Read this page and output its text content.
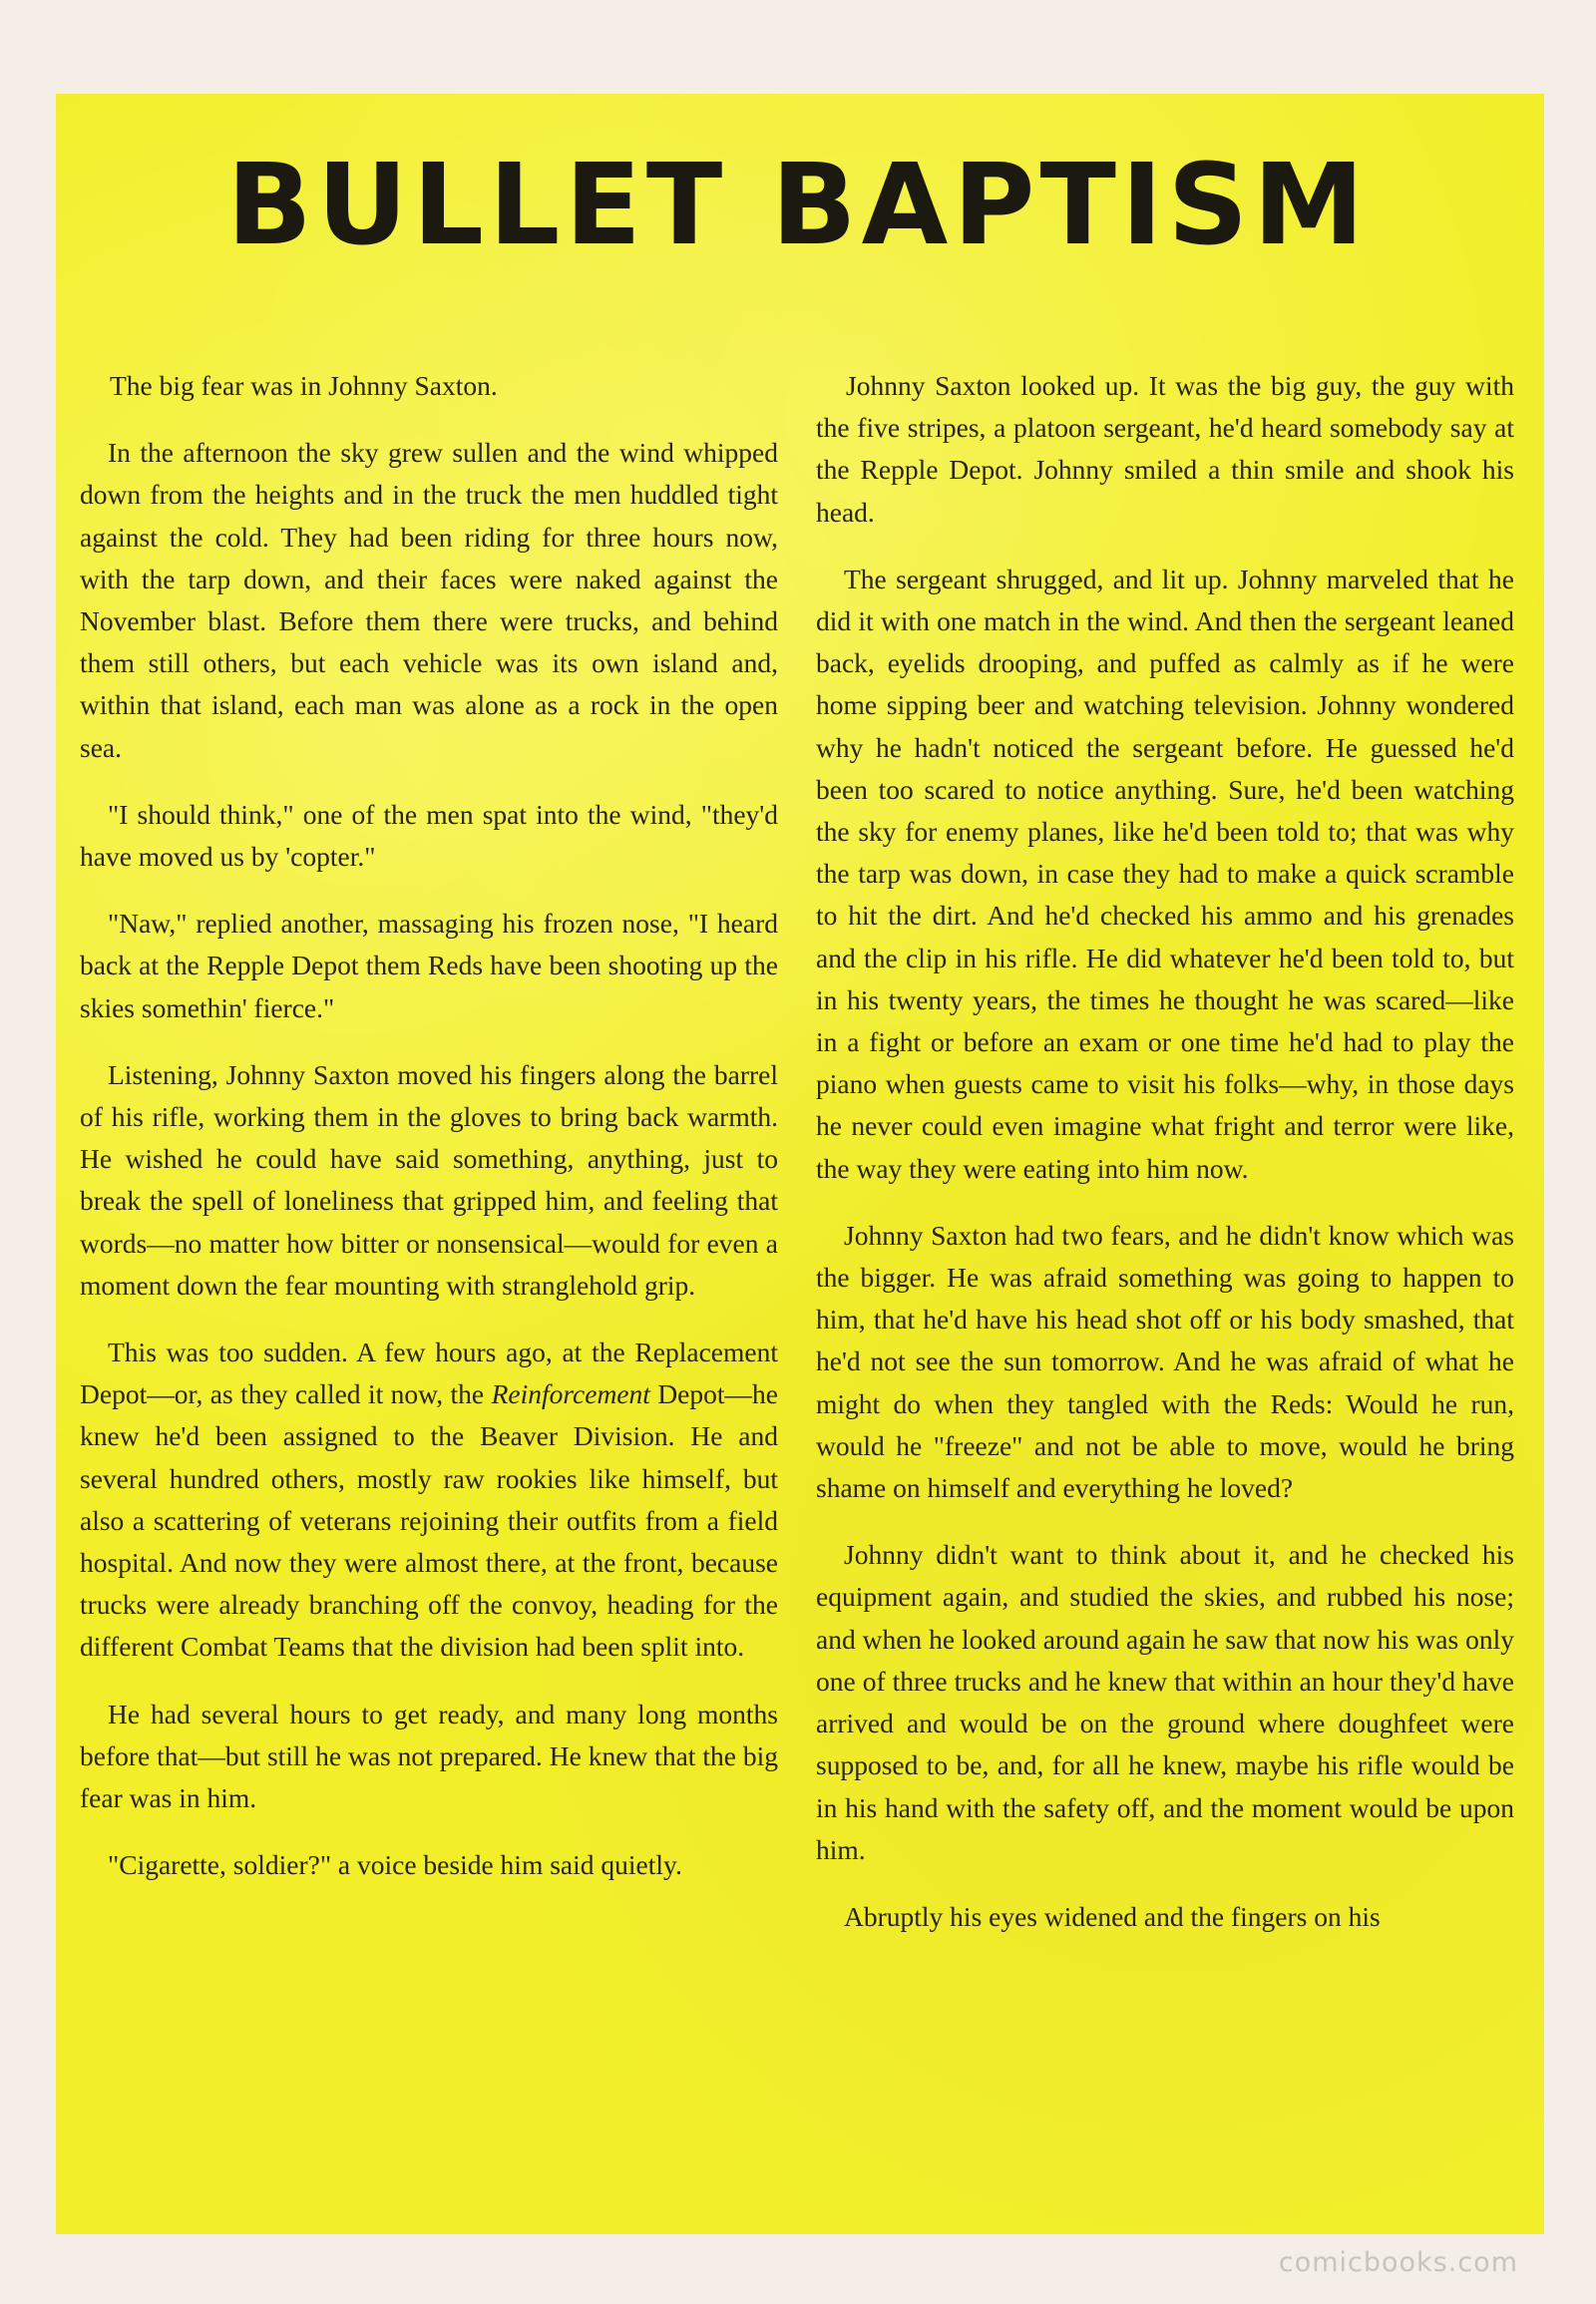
BULLET BAPTISM

The big fear was in Johnny Saxton.

In the afternoon the sky grew sullen and the wind whipped down from the heights and in the truck the men huddled tight against the cold. They had been riding for three hours now, with the tarp down, and their faces were naked against the November blast. Before them there were trucks, and behind them still others, but each vehicle was its own island and, within that island, each man was alone as a rock in the open sea.

"I should think," one of the men spat into the wind, "they'd have moved us by 'copter."

"Naw," replied another, massaging his frozen nose, "I heard back at the Repple Depot them Reds have been shooting up the skies somethin' fierce."

Listening, Johnny Saxton moved his fingers along the barrel of his rifle, working them in the gloves to bring back warmth. He wished he could have said something, anything, just to break the spell of loneliness that gripped him, and feeling that words—no matter how bitter or nonsensical—would for even a moment down the fear mounting with stranglehold grip.

This was too sudden. A few hours ago, at the Replacement Depot—or, as they called it now, the Reinforcement Depot—he knew he'd been assigned to the Beaver Division. He and several hundred others, mostly raw rookies like himself, but also a scattering of veterans rejoining their outfits from a field hospital. And now they were almost there, at the front, because trucks were already branching off the convoy, heading for the different Combat Teams that the division had been split into.

He had several hours to get ready, and many long months before that—but still he was not prepared. He knew that the big fear was in him.

"Cigarette, soldier?" a voice beside him said quietly.

Johnny Saxton looked up. It was the big guy, the guy with the five stripes, a platoon sergeant, he'd heard somebody say at the Repple Depot. Johnny smiled a thin smile and shook his head.

The sergeant shrugged, and lit up. Johnny marveled that he did it with one match in the wind. And then the sergeant leaned back, eyelids drooping, and puffed as calmly as if he were home sipping beer and watching television. Johnny wondered why he hadn't noticed the sergeant before. He guessed he'd been too scared to notice anything. Sure, he'd been watching the sky for enemy planes, like he'd been told to; that was why the tarp was down, in case they had to make a quick scramble to hit the dirt. And he'd checked his ammo and his grenades and the clip in his rifle. He did whatever he'd been told to, but in his twenty years, the times he thought he was scared—like in a fight or before an exam or one time he'd had to play the piano when guests came to visit his folks—why, in those days he never could even imagine what fright and terror were like, the way they were eating into him now.

Johnny Saxton had two fears, and he didn't know which was the bigger. He was afraid something was going to happen to him, that he'd have his head shot off or his body smashed, that he'd not see the sun tomorrow. And he was afraid of what he might do when they tangled with the Reds: Would he run, would he "freeze" and not be able to move, would he bring shame on himself and everything he loved?

Johnny didn't want to think about it, and he checked his equipment again, and studied the skies, and rubbed his nose; and when he looked around again he saw that now his was only one of three trucks and he knew that within an hour they'd have arrived and would be on the ground where doughfeet were supposed to be, and, for all he knew, maybe his rifle would be in his hand with the safety off, and the moment would be upon him.

Abruptly his eyes widened and the fingers on his

comicbooks.com
